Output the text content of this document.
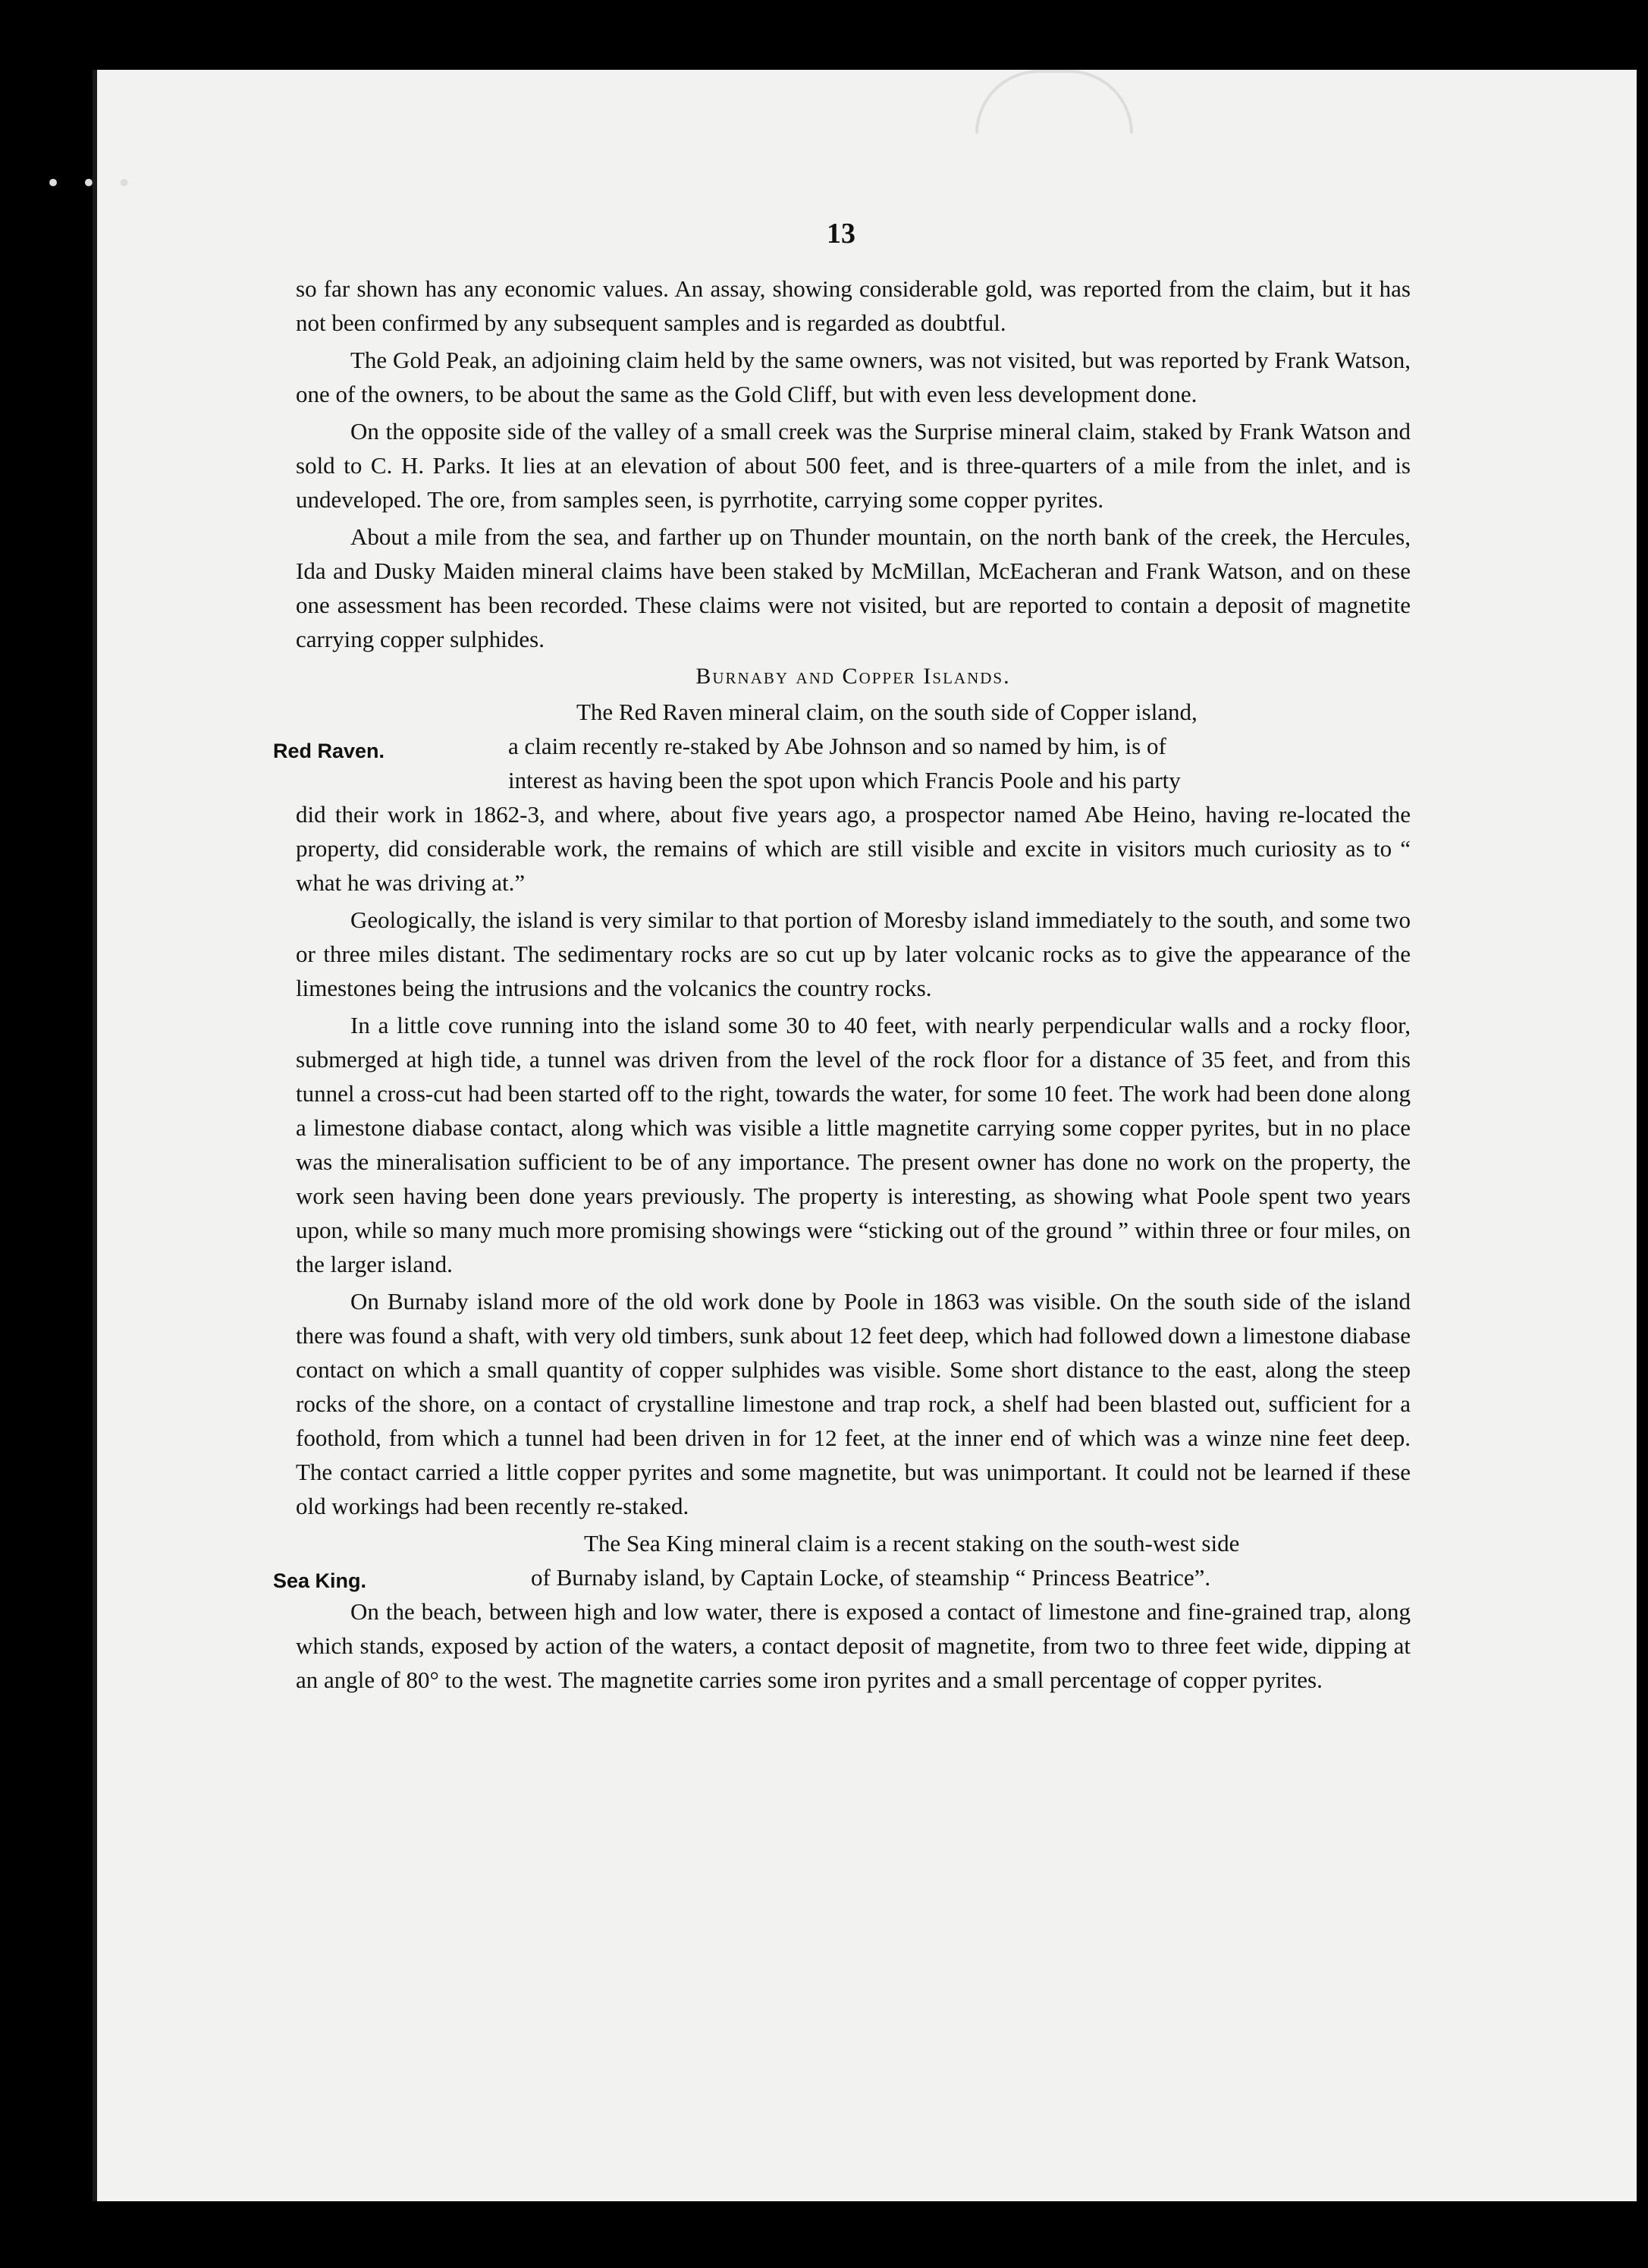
• • •
13

so far shown has any economic values. An assay, showing considerable gold, was reported from the claim, but it has not been confirmed by any subsequent samples and is regarded as doubtful.

The Gold Peak, an adjoining claim held by the same owners, was not visited, but was reported by Frank Watson, one of the owners, to be about the same as the Gold Cliff, but with even less development done.

On the opposite side of the valley of a small creek was the Surprise mineral claim, staked by Frank Watson and sold to C. H. Parks. It lies at an elevation of about 500 feet, and is three-quarters of a mile from the inlet, and is undeveloped. The ore, from samples seen, is pyrrhotite, carrying some copper pyrites.

About a mile from the sea, and farther up on Thunder mountain, on the north bank of the creek, the Hercules, Ida and Dusky Maiden mineral claims have been staked by McMillan, McEacheran and Frank Watson, and on these one assessment has been recorded. These claims were not visited, but are reported to contain a deposit of magnetite carrying copper sulphides.

Burnaby and Copper Islands.

Red Raven.

The Red Raven mineral claim, on the south side of Copper island,

a claim recently re-staked by Abe Johnson and so named by him, is of

interest as having been the spot upon which Francis Poole and his party

did their work in 1862-3, and where, about five years ago, a prospector named Abe Heino, having re-located the property, did considerable work, the remains of which are still visible and excite in visitors much curiosity as to “ what he was driving at.”

Geologically, the island is very similar to that portion of Moresby island immediately to the south, and some two or three miles distant. The sedimentary rocks are so cut up by later volcanic rocks as to give the appearance of the limestones being the intrusions and the volcanics the country rocks.

In a little cove running into the island some 30 to 40 feet, with nearly perpendicular walls and a rocky floor, submerged at high tide, a tunnel was driven from the level of the rock floor for a distance of 35 feet, and from this tunnel a cross-cut had been started off to the right, towards the water, for some 10 feet. The work had been done along a limestone diabase contact, along which was visible a little magnetite carrying some copper pyrites, but in no place was the mineralisation sufficient to be of any importance. The present owner has done no work on the property, the work seen having been done years previously. The property is interesting, as showing what Poole spent two years upon, while so many much more promising showings were “sticking out of the ground ” within three or four miles, on the larger island.

On Burnaby island more of the old work done by Poole in 1863 was visible. On the south side of the island there was found a shaft, with very old timbers, sunk about 12 feet deep, which had followed down a limestone diabase contact on which a small quantity of copper sulphides was visible. Some short distance to the east, along the steep rocks of the shore, on a contact of crystalline limestone and trap rock, a shelf had been blasted out, sufficient for a foothold, from which a tunnel had been driven in for 12 feet, at the inner end of which was a winze nine feet deep. The contact carried a little copper pyrites and some magnetite, but was unimportant. It could not be learned if these old workings had been recently re-staked.

Sea King.

The Sea King mineral claim is a recent staking on the south-west side

of Burnaby island, by Captain Locke, of steamship “ Princess Beatrice”.

On the beach, between high and low water, there is exposed a contact of limestone and fine-grained trap, along which stands, exposed by action of the waters, a contact deposit of magnetite, from two to three feet wide, dipping at an angle of 80° to the west. The magnetite carries some iron pyrites and a small percentage of copper pyrites.
